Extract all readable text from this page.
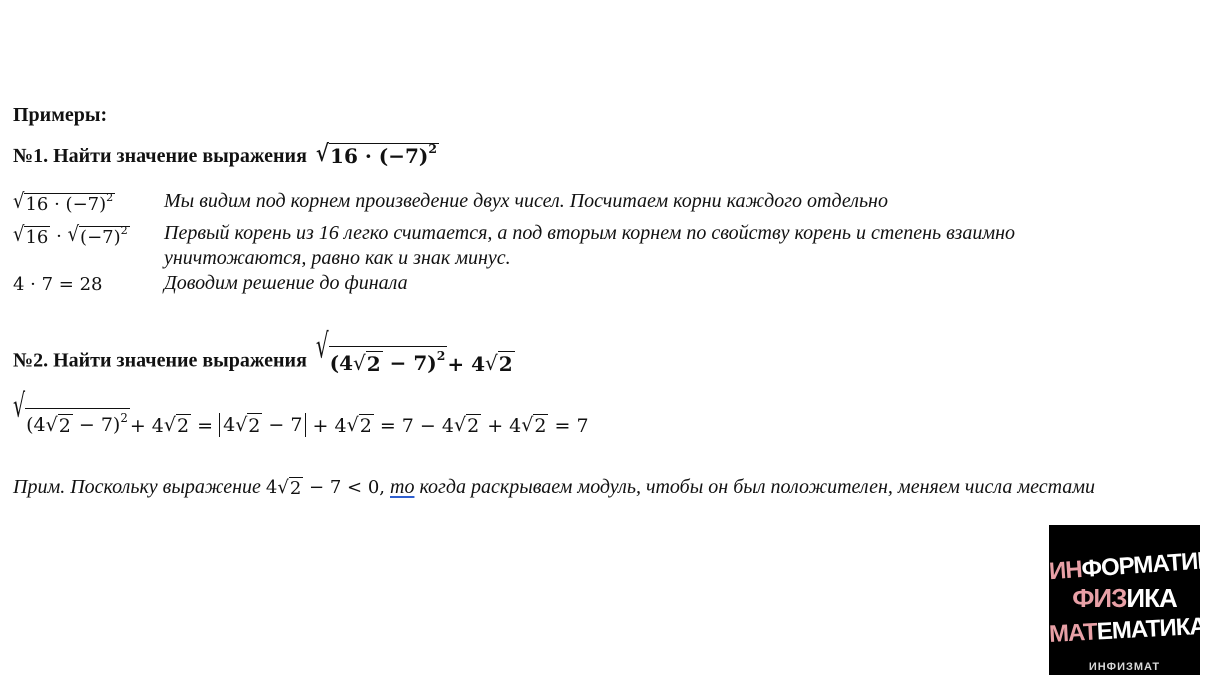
Примеры:
№1. Найти значение выражения √ $16 \cdot (-7)^2$
√ $16 \cdot (-7)^2$	Мы видим под корнем произведение двух чисел. Посчитаем корни каждого отдельно
√ 16 · √ $(-7)^2$ Первый корень из 16 легко считается, а под вторым корнем по свойству корень и степень взаимно
уничтожаются, равно как и знак минус.
4 · 7 = 28	Доводим решение до финала
№2. Найти значение выражения √ (4 √ 2 − 7)$^2$ + 4 √ 2
√ (4 √ 2 − 7)$^2$ + 4 √ 2 = 4 √ 2 − 7 + 4 √ 2 = 7 − 4 √ 2 + 4 √ 2 = 7
Прим. Поскольку выражение 4 √ 2 − 7 < 0, то когда раскрываем модуль, чтобы он был положителен, меняем числа местами
ИНФОРМАТИКА
ФИЗИКА
МАТЕМАТИКА
ИНФИЗМАТ
